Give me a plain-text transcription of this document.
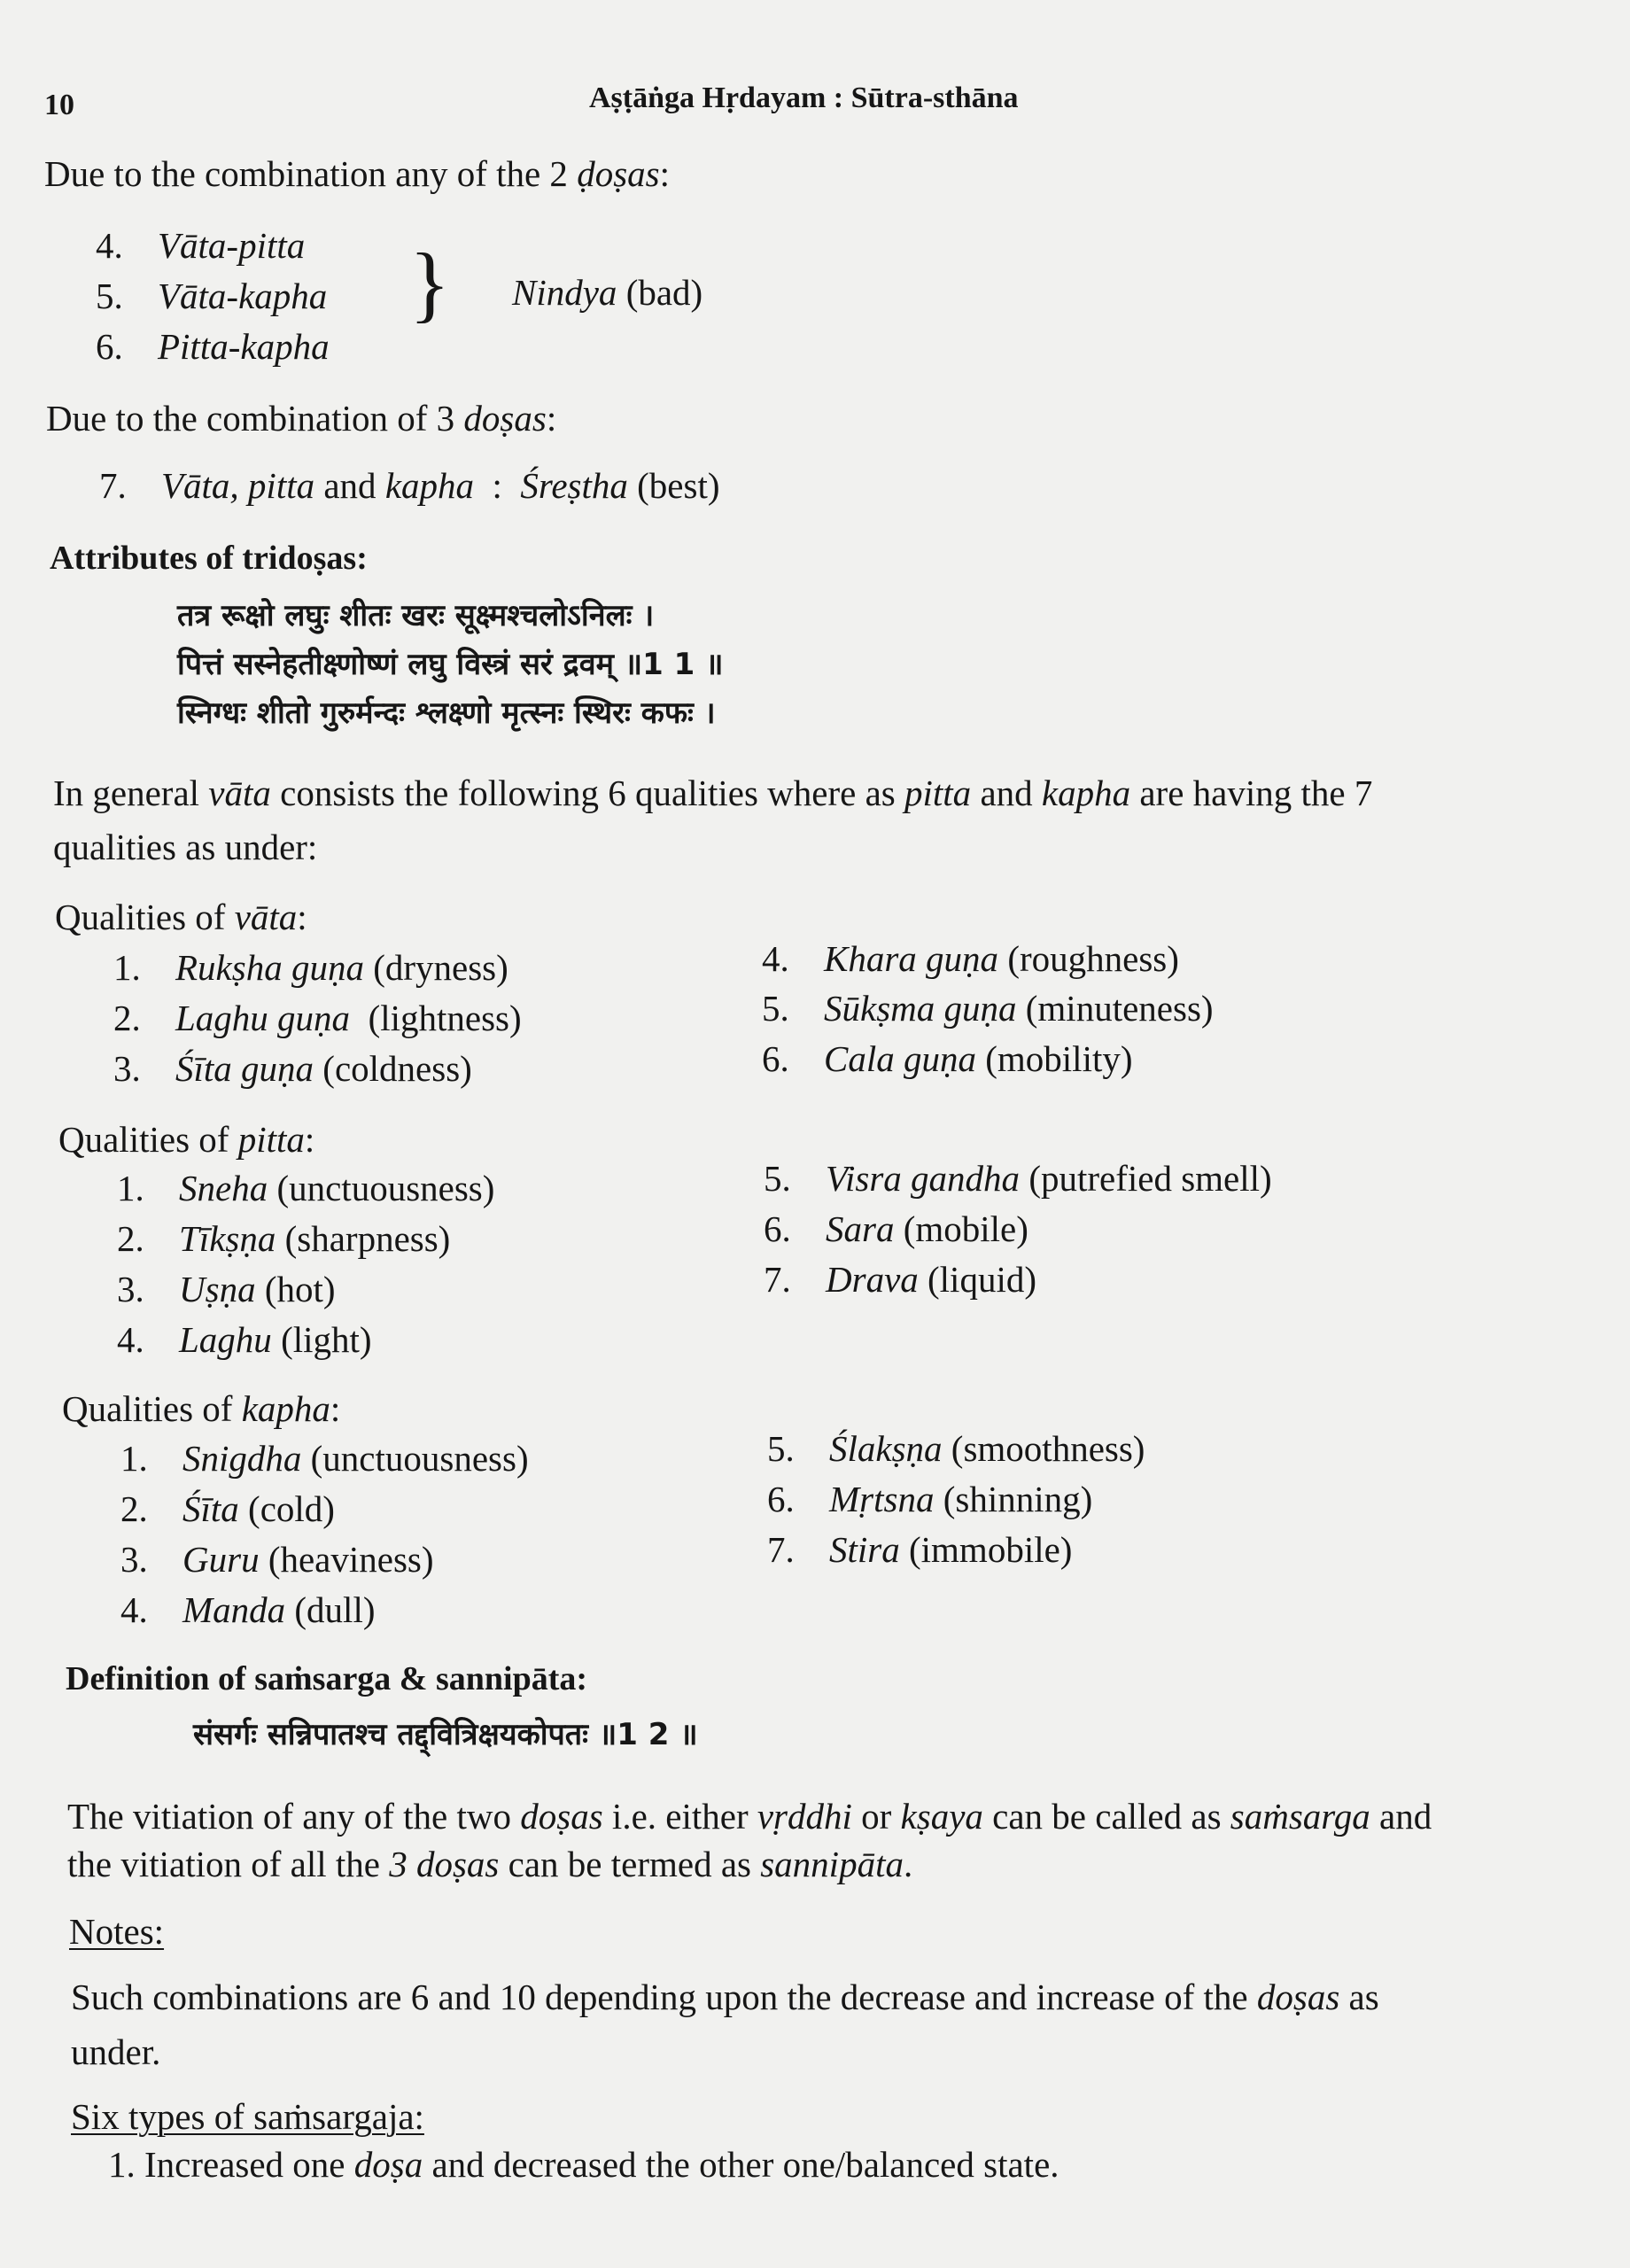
10	Aṣṭāṅga Hṛdayam : Sūtra-sthāna
Due to the combination any of the 2 ḍoṣas:
4. Vāta-pitta
5. Vāta-kapha
6. Pitta-kapha
} Nindya (bad)
Due to the combination of 3 doṣas:
7. Vāta, pitta and kapha  :  Śreṣtha (best)
Attributes of tridoṣas:
तत्र रूक्षो लघुः शीतः खरः सूक्ष्मश्चलोऽनिलः ।
पित्तं सस्नेहतीक्ष्णोष्णं लघु विस्त्रं सरं द्रवम् ॥1 1 ॥
स्निग्धः शीतो गुरुर्मन्दः श्लक्ष्णो मृत्स्नः स्थिरः कफः ।
In general vāta consists the following 6 qualities where as pitta and kapha are having the 7
qualities as under:
Qualities of vāta:
1. Rukṣha guṇa (dryness)
2. Laghu guṇa  (lightness)
3. Śīta guṇa (coldness)
4. Khara guṇa (roughness)
5. Sūkṣma guṇa (minuteness)
6. Cala guṇa (mobility)
Qualities of pitta:
1. Sneha (unctuousness)
2. Tīkṣṇa (sharpness)
3. Uṣṇa (hot)
4. Laghu (light)
5. Visra gandha (putrefied smell)
6. Sara (mobile)
7. Drava (liquid)
Qualities of kapha:
1. Snigdha (unctuousness)
2. Śīta (cold)
3. Guru (heaviness)
4. Manda (dull)
5. Ślakṣṇa (smoothness)
6. Mṛtsna (shinning)
7. Stira (immobile)
Definition of saṁsarga & sannipāta:
संसर्गः सन्निपातश्च तद्द्वित्रिक्षयकोपतः ॥1 2 ॥
The vitiation of any of the two doṣas i.e. either vṛddhi or kṣaya can be called as saṁsarga and
the vitiation of all the 3 doṣas can be termed as sannipāta.
Notes:
Such combinations are 6 and 10 depending upon the decrease and increase of the doṣas as
under.
Six types of saṁsargaja:
1. Increased one doṣa and decreased the other one/balanced state.
